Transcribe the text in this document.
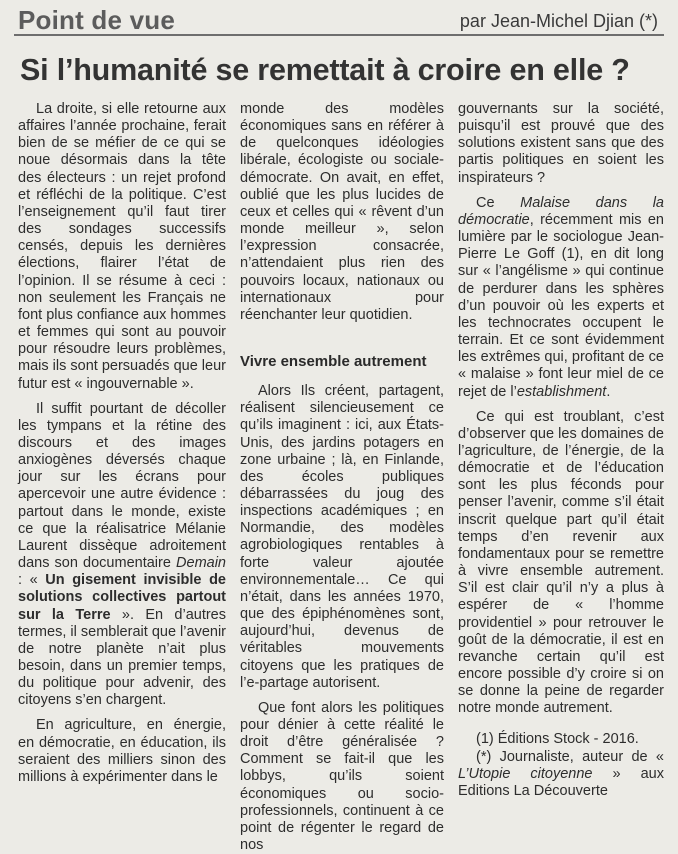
Point de vue	par Jean-Michel Djian (*)
Si l’humanité se remettait à croire en elle ?

La droite, si elle retourne aux affaires l’année prochaine, ferait bien de se méfier de ce qui se noue désormais dans la tête des électeurs : un rejet profond et réfléchi de la politique. C’est l’enseignement qu’il faut tirer des sondages successifs censés, depuis les dernières élections, flairer l’état de l’opinion. Il se résume à ceci : non seulement les Français ne font plus confiance aux hommes et femmes qui sont au pouvoir pour résoudre leurs problèmes, mais ils sont persuadés que leur futur est « ingouvernable ».

Il suffit pourtant de décoller les tympans et la rétine des discours et des images anxiogènes déversés chaque jour sur les écrans pour apercevoir une autre évidence : partout dans le monde, existe ce que la réalisatrice Mélanie Laurent dissèque adroitement dans son documentaire Demain : « Un gisement invisible de solutions collectives partout sur la Terre ». En d’autres termes, il semblerait que l’avenir de notre planète n’ait plus besoin, dans un premier temps, du politique pour advenir, des citoyens s’en chargent.

En agriculture, en énergie, en démocratie, en éducation, ils seraient des milliers sinon des millions à expérimenter dans le

monde des modèles économiques sans en référer à de quelconques idéologies libérale, écologiste ou sociale-démocrate. On avait, en effet, oublié que les plus lucides de ceux et celles qui « rêvent d’un monde meilleur », selon l’expression consacrée, n’attendaient plus rien des pouvoirs locaux, nationaux ou internationaux pour réenchanter leur quotidien.

Vivre ensemble autrement

Alors Ils créent, partagent, réalisent silencieusement ce qu’ils imaginent : ici, aux États-Unis, des jardins potagers en zone urbaine ; là, en Finlande, des écoles publiques débarrassées du joug des inspections académiques ; en Normandie, des modèles agrobiologiques rentables à forte valeur ajoutée environnementale… Ce qui n’était, dans les années 1970, que des épiphénomènes sont, aujourd’hui, devenus de véritables mouvements citoyens que les pratiques de l’e-partage autorisent.

Que font alors les politiques pour dénier à cette réalité le droit d’être généralisée ? Comment se fait-il que les lobbys, qu’ils soient économiques ou socio-professionnels, continuent à ce point de régenter le regard de nos

gouvernants sur la société, puisqu’il est prouvé que des solutions existent sans que des partis politiques en soient les inspirateurs ?

Ce Malaise dans la démocratie, récemment mis en lumière par le sociologue Jean-Pierre Le Goff (1), en dit long sur « l’angélisme » qui continue de perdurer dans les sphères d’un pouvoir où les experts et les technocrates occupent le terrain. Et ce sont évidemment les extrêmes qui, profitant de ce « malaise » font leur miel de ce rejet de l’establishment.

Ce qui est troublant, c’est d’observer que les domaines de l’agriculture, de l’énergie, de la démocratie et de l’éducation sont les plus féconds pour penser l’avenir, comme s’il était inscrit quelque part qu’il était temps d’en revenir aux fondamentaux pour se remettre à vivre ensemble autrement. S’il est clair qu’il n’y a plus à espérer de « l’homme providentiel » pour retrouver le goût de la démocratie, il est en revanche certain qu’il est encore possible d’y croire si on se donne la peine de regarder notre monde autrement.

(1) Éditions Stock - 2016.

(*) Journaliste, auteur de « L’Utopie citoyenne » aux Editions La Découverte
